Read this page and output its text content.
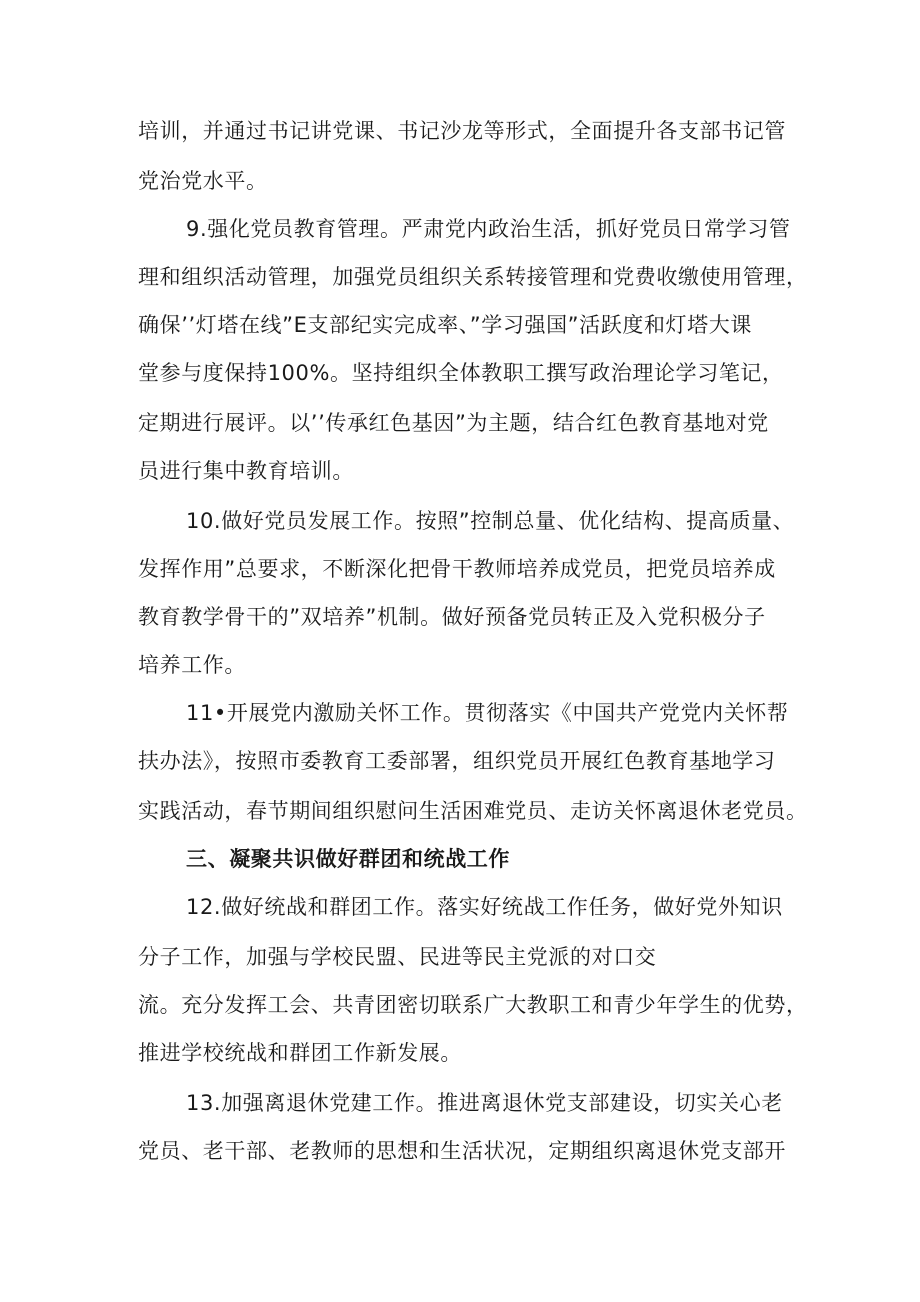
培训，并通过书记讲党课、书记沙龙等形式，全面提升各支部书记管
党治党水平。
9.强化党员教育管理。严肃党内政治生活，抓好党员日常学习管
理和组织活动管理，加强党员组织关系转接管理和党费收缴使用管理，
确保’’灯塔在线”E支部纪实完成率、”学习强国”活跃度和灯塔大课
堂参与度保持100%。坚持组织全体教职工撰写政治理论学习笔记，
定期进行展评。以’’传承红色基因”为主题，结合红色教育基地对党
员进行集中教育培训。
10.做好党员发展工作。按照”控制总量、优化结构、提高质量、
发挥作用”总要求，不断深化把骨干教师培养成党员，把党员培养成
教育教学骨干的”双培养”机制。做好预备党员转正及入党积极分子
培养工作。
11•开展党内激励关怀工作。贯彻落实《中国共产党党内关怀帮
扶办法》，按照市委教育工委部署，组织党员开展红色教育基地学习
实践活动，春节期间组织慰问生活困难党员、走访关怀离退休老党员。
三、凝聚共识做好群团和统战工作
12.做好统战和群团工作。落实好统战工作任务，做好党外知识
分子工作，加强与学校民盟、民进等民主党派的对口交
流。充分发挥工会、共青团密切联系广大教职工和青少年学生的优势，
推进学校统战和群团工作新发展。
13.加强离退休党建工作。推进离退休党支部建设，切实关心老
党员、老干部、老教师的思想和生活状况，定期组织离退休党支部开
